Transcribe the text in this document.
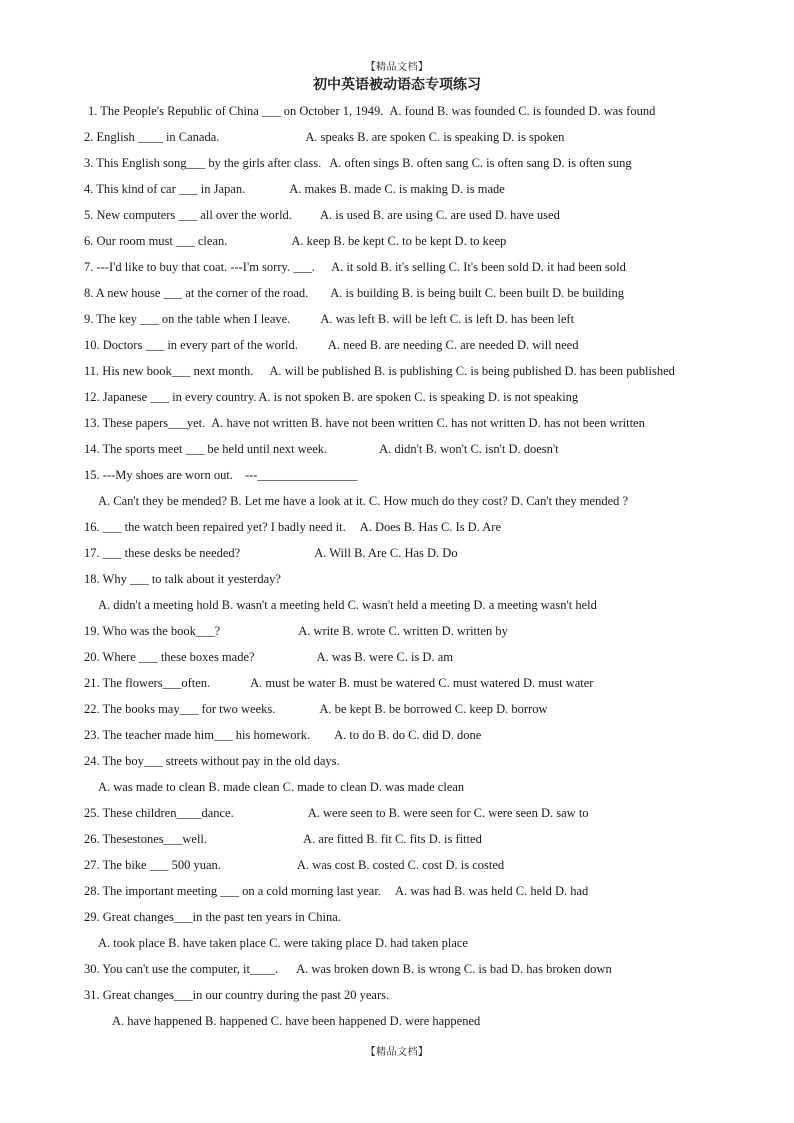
【精品文档】
初中英语被动语态专项练习
1. The People's Republic of China ___ on October 1, 1949. A. found B. was founded C. is founded D. was found
2. English ____ in Canada.	A. speaks B. are spoken C. is speaking D. is spoken
3. This English song___ by the girls after class. A. often sings B. often sang C. is often sang D. is often sung
4. This kind of car ___ in Japan.	A. makes B. made C. is making D. is made
5. New computers ___ all over the world. A. is used B. are using C. are used D. have used
6. Our room must ___ clean.	A. keep B. be kept C. to be kept D. to keep
7. ---I'd like to buy that coat. ---I'm sorry. ___. A. it sold B. it's selling C. It's been sold D. it had been sold
8. A new house ___ at the corner of the road. A. is building B. is being built C. been built D. be building
9. The key ___ on the table when I leave. A. was left B. will be left C. is left D. has been left
10. Doctors ___ in every part of the world. A. need B. are needing C. are needed D. will need
11. His new book___ next month. A. will be published B. is publishing C. is being published D. has been published
12. Japanese ___ in every country. A. is not spoken B. are spoken C. is speaking D. is not speaking
13. These papers___yet. A. have not written B. have not been written C. has not written D. has not been written
14. The sports meet ___ be held until next week.	A. didn't B. won't C. isn't D. doesn't
15. ---My shoes are worn out. ---________________
A. Can't they be mended? B. Let me have a look at it. C. How much do they cost? D. Can't they mended ?
16. ___ the watch been repaired yet? I badly need it. A. Does B. Has C. Is D. Are
17. ___ these desks be needed?	A. Will B. Are C. Has D. Do
18. Why ___ to talk about it yesterday?
A. didn't a meeting hold B. wasn't a meeting held C. wasn't held a meeting D. a meeting wasn't held
19. Who was the book___?	A. write B. wrote C. written D. written by
20. Where ___ these boxes made?	A. was B. were C. is D. am
21. The flowers___often.	A. must be water B. must be watered C. must watered D. must water
22. The books may___ for two weeks.	A. be kept B. be borrowed C. keep D. borrow
23. The teacher made him___ his homework. A. to do B. do C. did D. done
24. The boy___ streets without pay in the old days.
A. was made to clean B. made clean C. made to clean D. was made clean
25. These children____dance.	A. were seen to B. were seen for C. were seen D. saw to
26. Thesestones___well.	A. are fitted B. fit C. fits D. is fitted
27. The bike ___ 500 yuan.	A. was cost B. costed C. cost D. is costed
28. The important meeting ___ on a cold morning last year. A. was had B. was held C. held D. had
29. Great changes___in the past ten years in China.
A. took place B. have taken place C. were taking place D. had taken place
30. You can't use the computer, it____. A. was broken down B. is wrong C. is bad D. has broken down
31. Great changes___in our country during the past 20 years.
A. have happened B. happened C. have been happened D. were happened
【精品文档】
